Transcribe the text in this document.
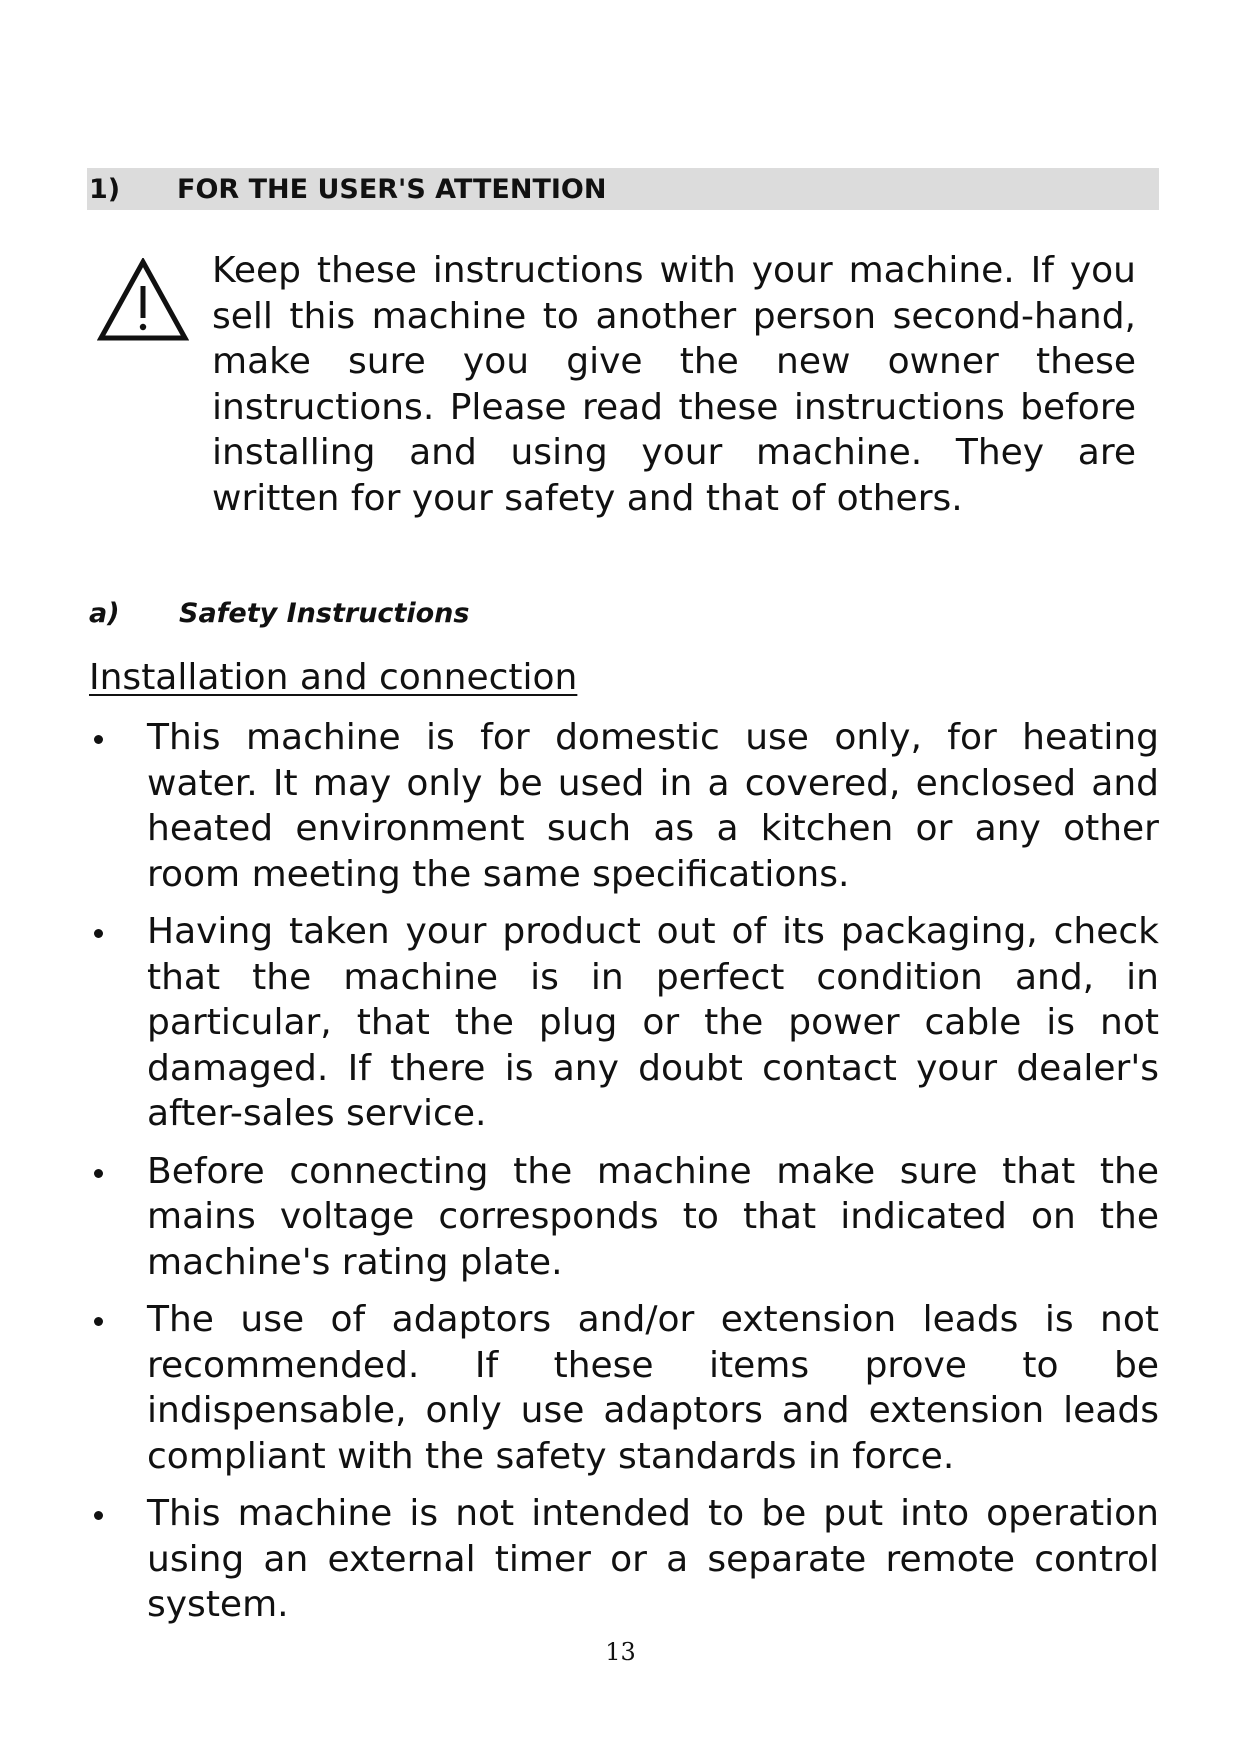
1) FOR THE USER'S ATTENTION

Keep these instructions with your machine. If you sell this machine to another person second-hand, make sure you give the new owner these instructions. Please read these instructions before installing and using your machine. They are written for your safety and that of others.

a) Safety Instructions
Installation and connection
This machine is for domestic use only, for heating water. It may only be used in a covered, enclosed and heated environment such as a kitchen or any other room meeting the same specifications.
Having taken your product out of its packaging, check that the machine is in perfect condition and, in particular, that the plug or the power cable is not damaged. If there is any doubt contact your dealer's after-sales service.
Before connecting the machine make sure that the mains voltage corresponds to that indicated on the machine's rating plate.
The use of adaptors and/or extension leads is not recommended. If these items prove to be indispensable, only use adaptors and extension leads compliant with the safety standards in force.
This machine is not intended to be put into operation using an external timer or a separate remote control system.
13
